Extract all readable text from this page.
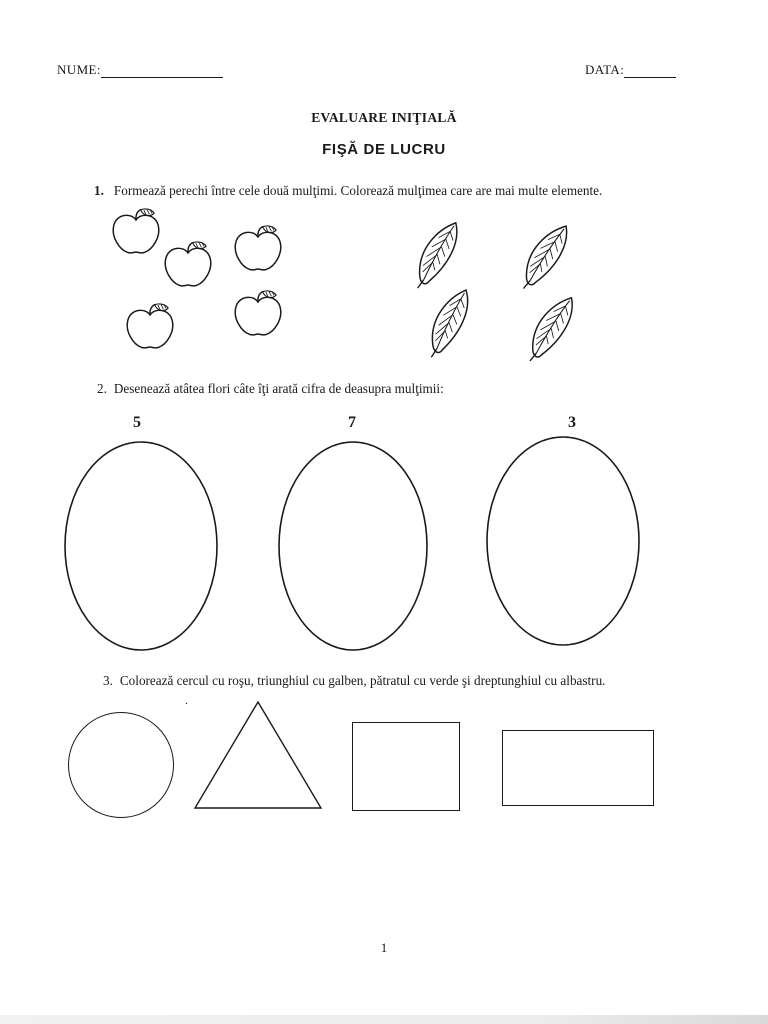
NUME:	DATA:
EVALUARE INIŢIALĂ
FIŞĂ DE LUCRU
1. Formează perechi între cele două mulţimi. Colorează mulţimea care are mai multe elemente.
2. Desenează atâtea flori câte îţi arată cifra de deasupra mulţimii:
5	7	3
3. Colorează cercul cu roşu, triunghiul cu galben, pătratul cu verde şi dreptunghiul cu albastru.
.
1
